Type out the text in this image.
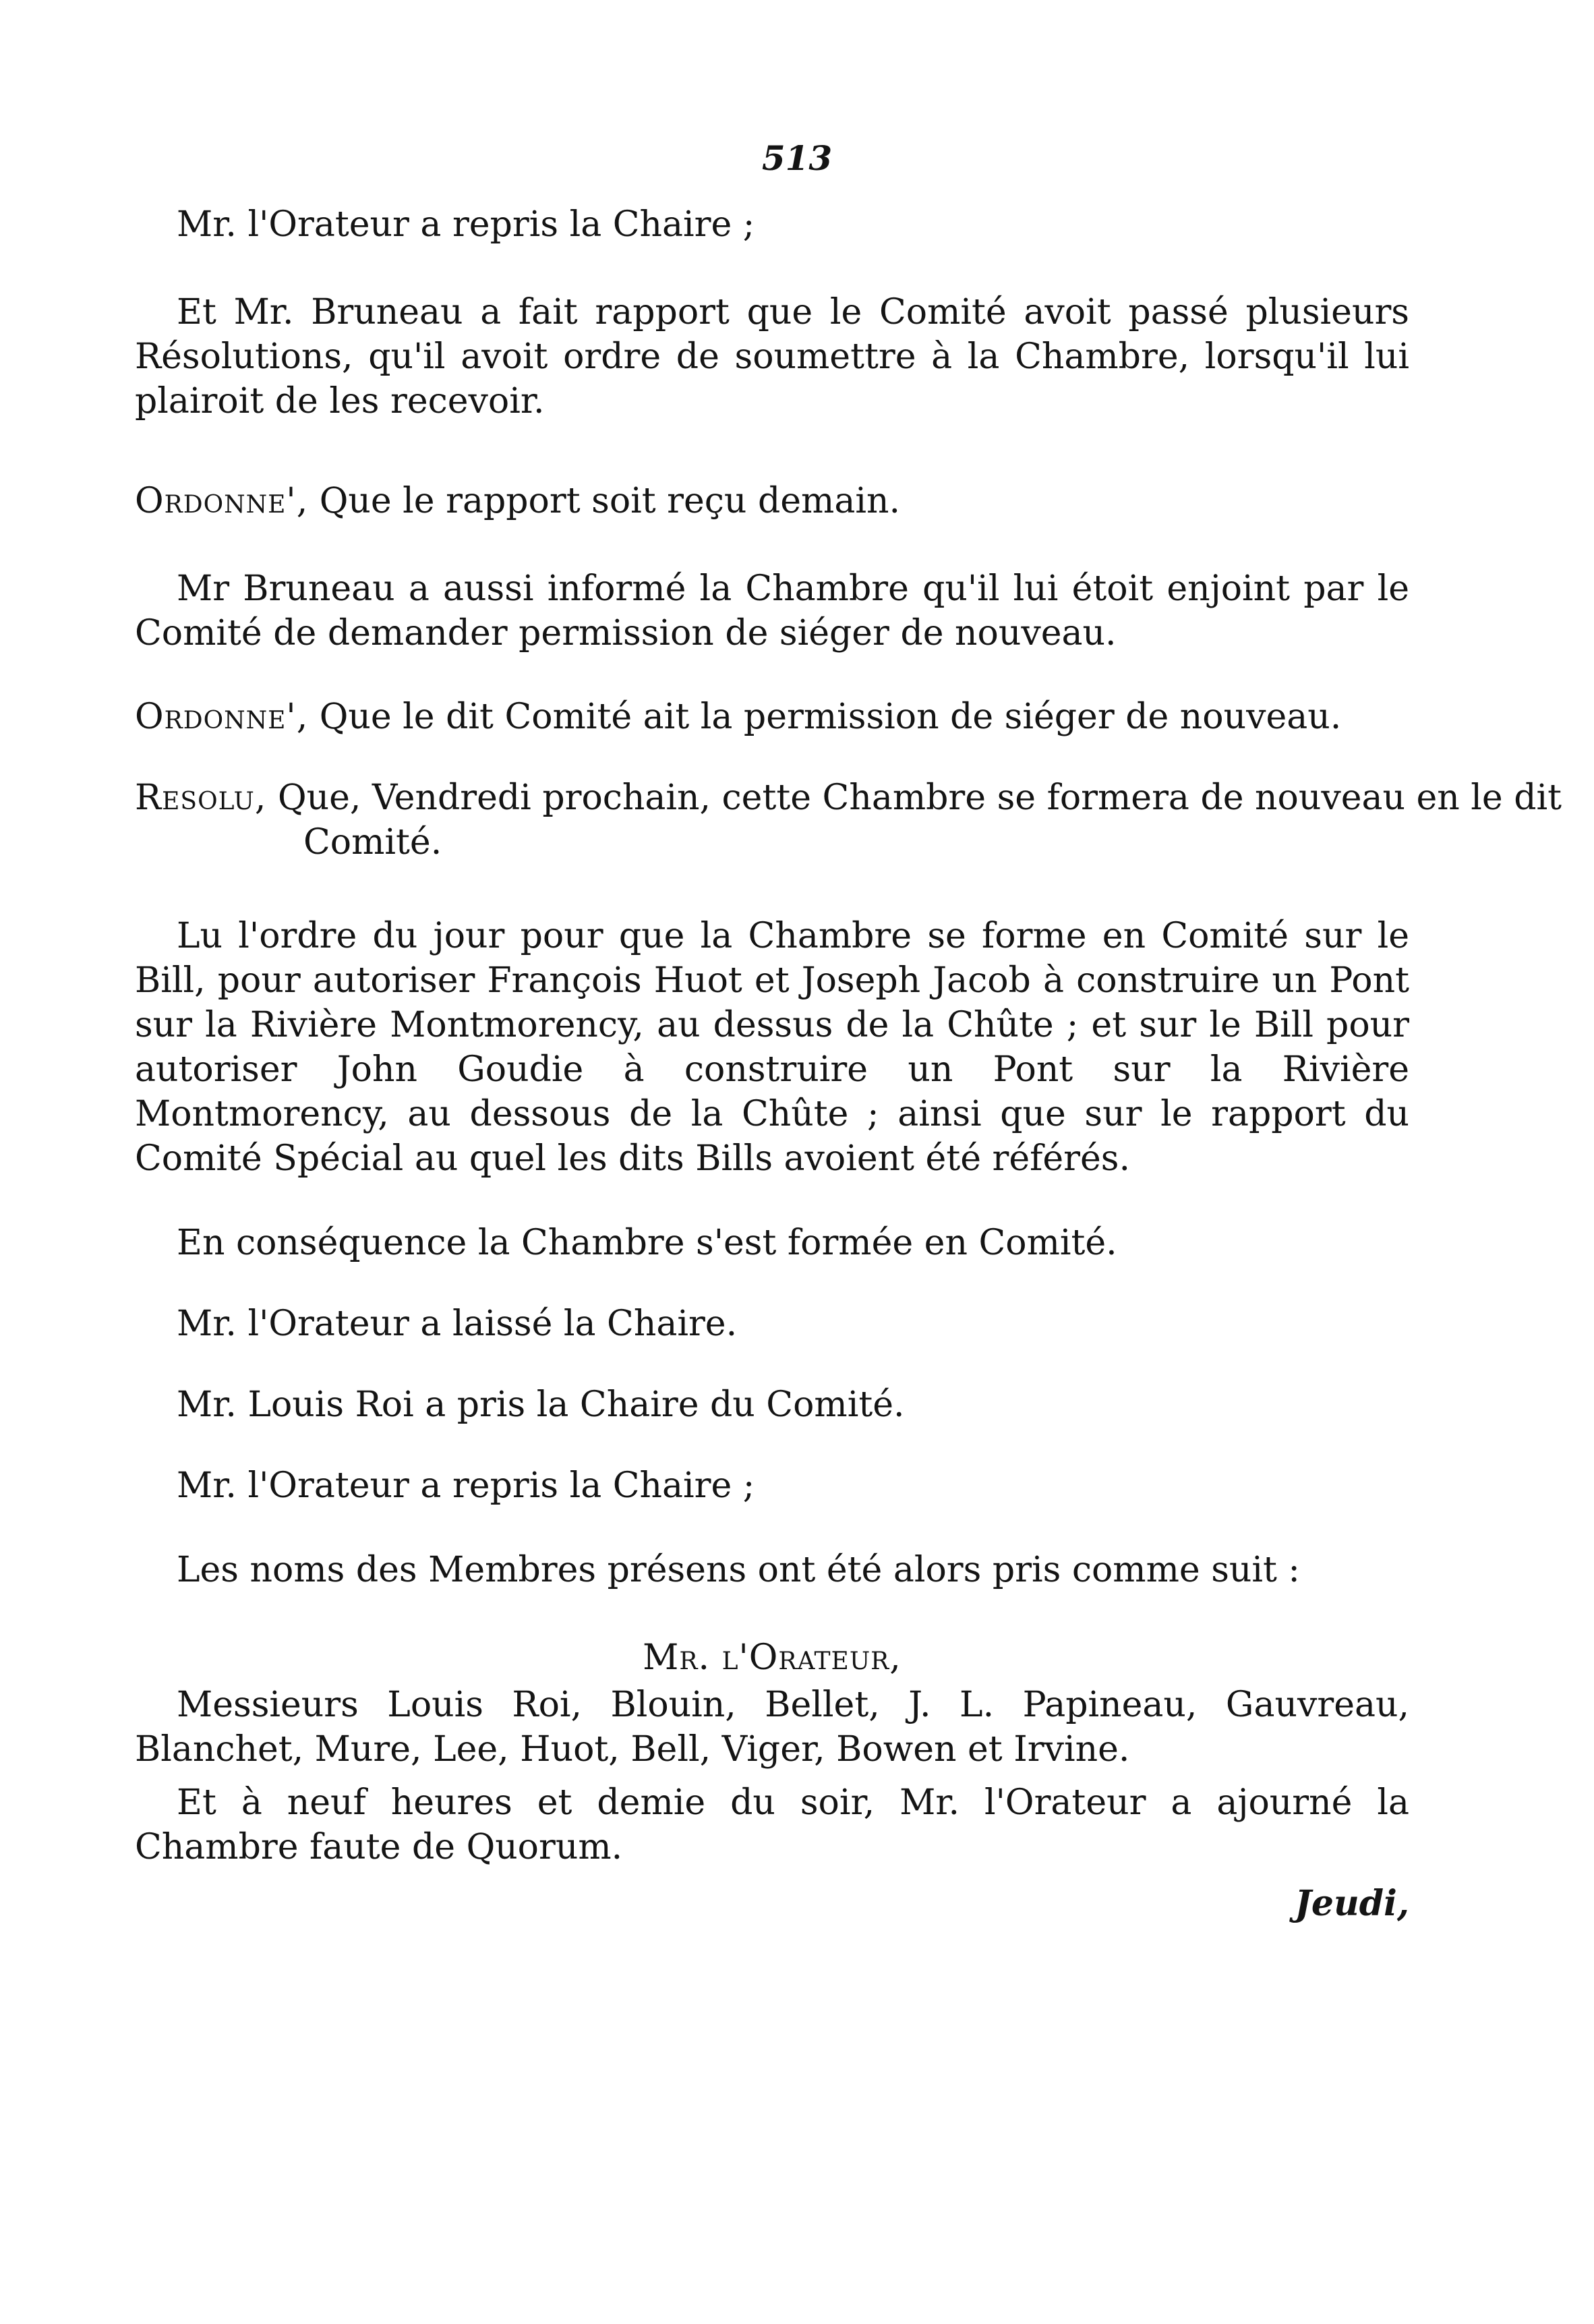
513
Mr. l'Orateur a repris la Chaire ;
Et Mr. Bruneau a fait rapport que le Comité avoit passé plusieurs Résolutions, qu'il avoit ordre de soumettre à la Chambre, lorsqu'il lui plairoit de les recevoir.
Ordonne', Que le rapport soit reçu demain.
Mr Bruneau a aussi informé la Chambre qu'il lui étoit enjoint par le Comité de demander permission de siéger de nouveau.
Ordonne', Que le dit Comité ait la permission de siéger de nouveau.
Resolu, Que, Vendredi prochain, cette Chambre se formera de nouveau en le dit Comité.
Lu l'ordre du jour pour que la Chambre se forme en Comité sur le Bill, pour autoriser François Huot et Joseph Jacob à construire un Pont sur la Rivière Montmorency, au dessus de la Chûte ; et sur le Bill pour autoriser John Goudie à construire un Pont sur la Rivière Montmorency, au dessous de la Chûte ; ainsi que sur le rapport du Comité Spécial au quel les dits Bills avoient été référés.
En conséquence la Chambre s'est formée en Comité.
Mr. l'Orateur a laissé la Chaire.
Mr. Louis Roi a pris la Chaire du Comité.
Mr. l'Orateur a repris la Chaire ;
Les noms des Membres présens ont été alors pris comme suit :
Mr. l'Orateur,
Messieurs Louis Roi, Blouin, Bellet, J. L. Papineau, Gauvreau, Blanchet, Mure, Lee, Huot, Bell, Viger, Bowen et Irvine.
Et à neuf heures et demie du soir, Mr. l'Orateur a ajourné la Chambre faute de Quorum.
Jeudi,
